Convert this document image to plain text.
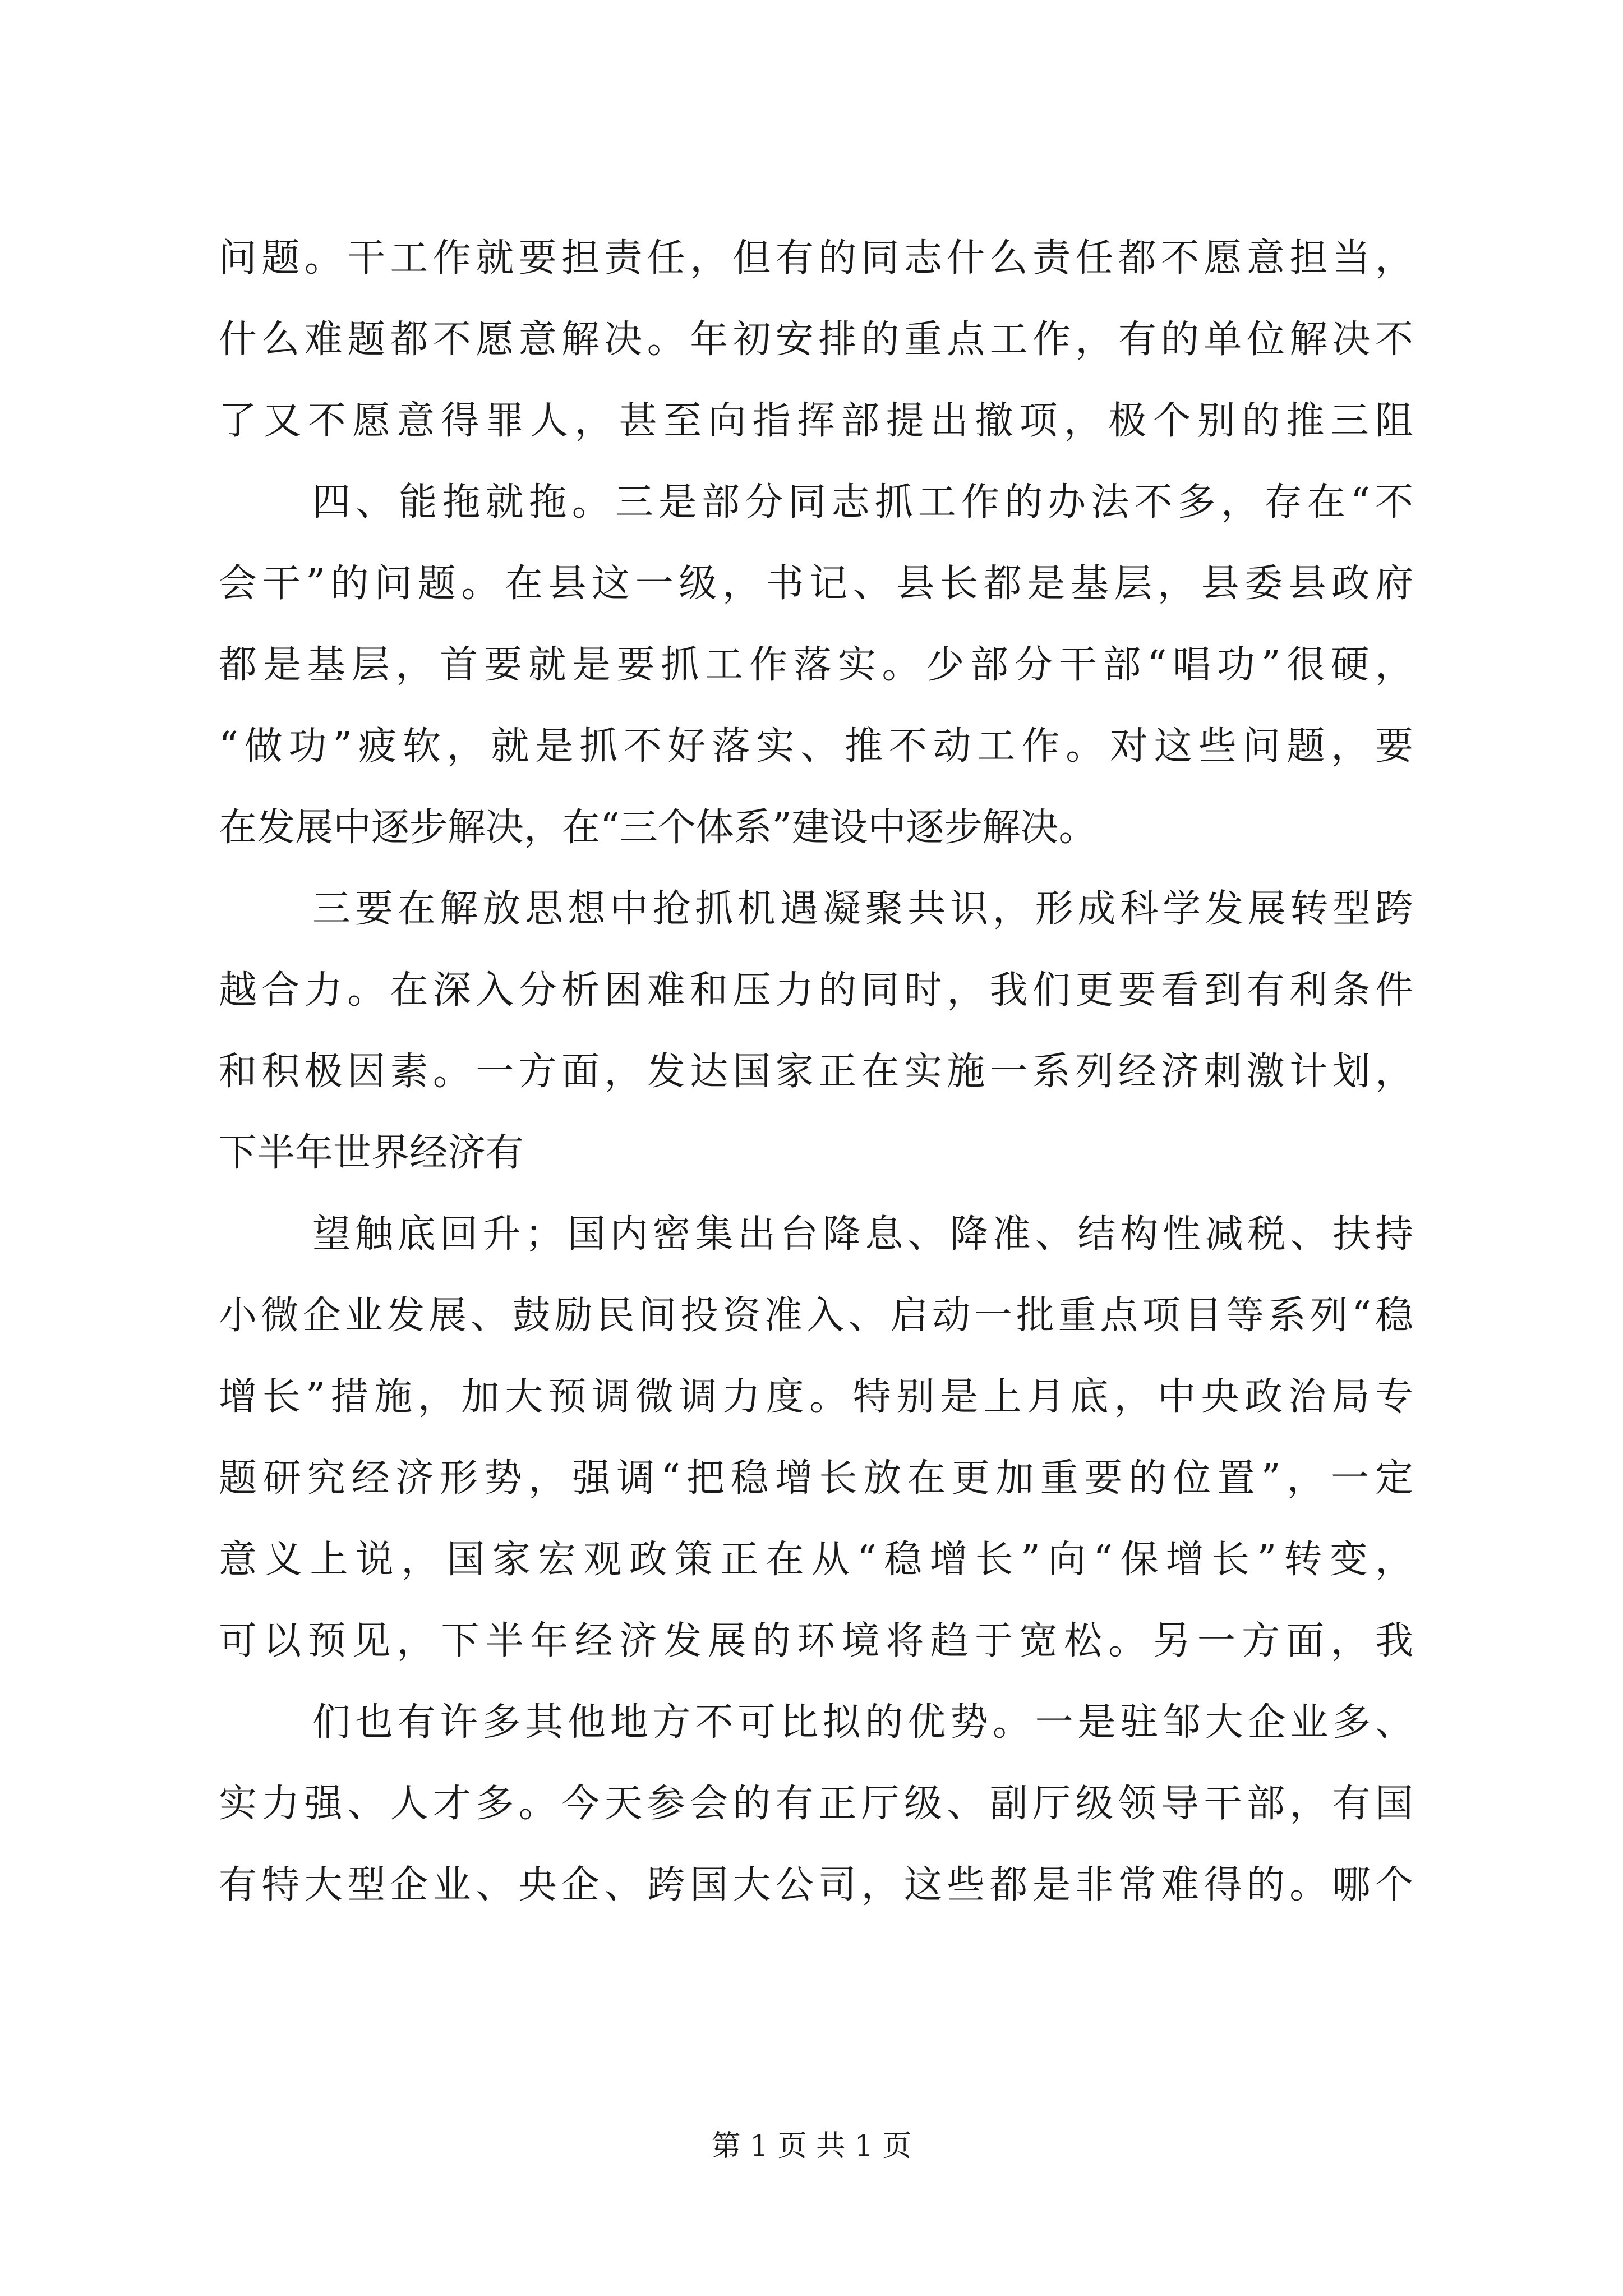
问题。干工作就要担责任，但有的同志什么责任都不愿意担当，
什么难题都不愿意解决。年初安排的重点工作，有的单位解决不
了又不愿意得罪人，甚至向指挥部提出撤项，极个别的推三阻
四、能拖就拖。三是部分同志抓工作的办法不多，存在“不
会干”的问题。在县这一级，书记、县长都是基层，县委县政府
都是基层，首要就是要抓工作落实。少部分干部“唱功”很硬，
“做功”疲软，就是抓不好落实、推不动工作。对这些问题，要
在发展中逐步解决，在“三个体系”建设中逐步解决。
三要在解放思想中抢抓机遇凝聚共识，形成科学发展转型跨
越合力。在深入分析困难和压力的同时，我们更要看到有利条件
和积极因素。一方面，发达国家正在实施一系列经济刺激计划，
下半年世界经济有
望触底回升；国内密集出台降息、降准、结构性减税、扶持
小微企业发展、鼓励民间投资准入、启动一批重点项目等系列“稳
增长”措施，加大预调微调力度。特别是上月底，中央政治局专
题研究经济形势，强调“把稳增长放在更加重要的位置”，一定
意义上说，国家宏观政策正在从“稳增长”向“保增长”转变，
可以预见，下半年经济发展的环境将趋于宽松。另一方面，我
们也有许多其他地方不可比拟的优势。一是驻邹大企业多、
实力强、人才多。今天参会的有正厅级、副厅级领导干部，有国
有特大型企业、央企、跨国大公司，这些都是非常难得的。哪个
第 1 页 共 1 页
